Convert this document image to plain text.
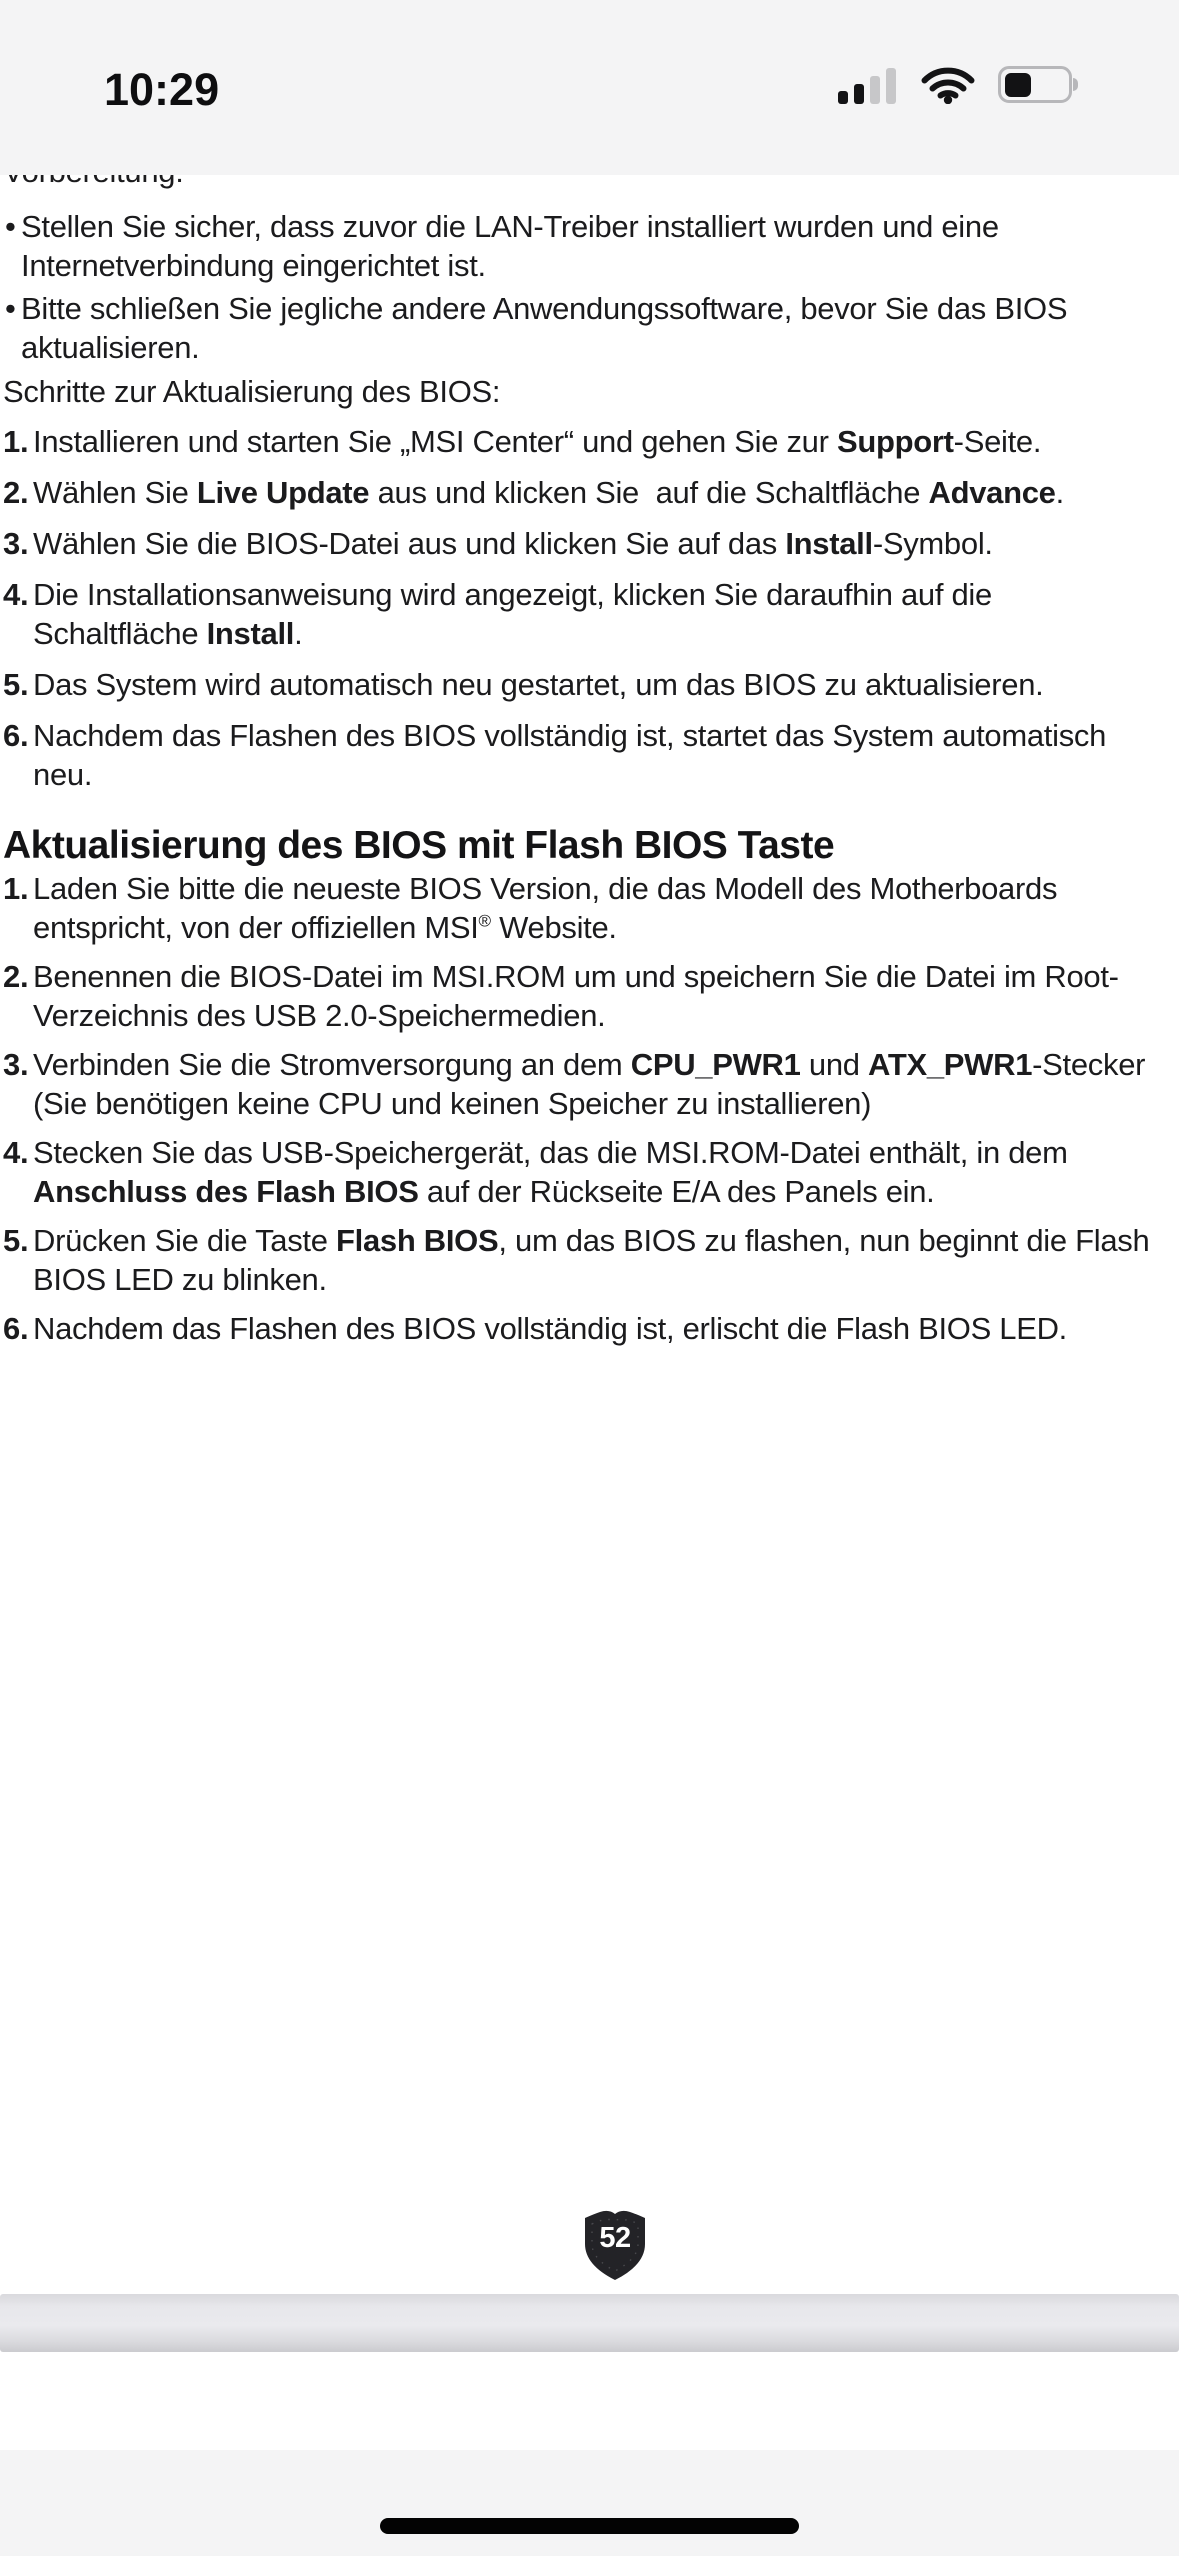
10:29

• Stellen Sie sicher, dass zuvor die LAN-Treiber installiert wurden und eine
Internetverbindung eingerichtet ist.
• Bitte schließen Sie jegliche andere Anwendungssoftware, bevor Sie das BIOS
aktualisieren.

Schritte zur Aktualisierung des BIOS:

1. Installieren und starten Sie „MSI Center“ und gehen Sie zur Support-Seite.
2. Wählen Sie Live Update aus und klicken Sie  auf die Schaltfläche Advance.
3. Wählen Sie die BIOS-Datei aus und klicken Sie auf das Install-Symbol.
4. Die Installationsanweisung wird angezeigt, klicken Sie daraufhin auf die
Schaltfläche Install.
5. Das System wird automatisch neu gestartet, um das BIOS zu aktualisieren.
6. Nachdem das Flashen des BIOS vollständig ist, startet das System automatisch
neu.
Aktualisierung des BIOS mit Flash BIOS Taste
1. Laden Sie bitte die neueste BIOS Version, die das Modell des Motherboards
entspricht, von der offiziellen MSI® Website.
2. Benennen die BIOS-Datei im MSI.ROM um und speichern Sie die Datei im Root-
Verzeichnis des USB 2.0-Speichermedien.
3. Verbinden Sie die Stromversorgung an dem CPU_PWR1 und ATX_PWR1-Stecker
(Sie benötigen keine CPU und keinen Speicher zu installieren)
4. Stecken Sie das USB-Speichergerät, das die MSI.ROM-Datei enthält, in dem
Anschluss des Flash BIOS auf der Rückseite E/A des Panels ein.
5. Drücken Sie die Taste Flash BIOS, um das BIOS zu flashen, nun beginnt die Flash
BIOS LED zu blinken.
6. Nachdem das Flashen des BIOS vollständig ist, erlischt die Flash BIOS LED.
52
